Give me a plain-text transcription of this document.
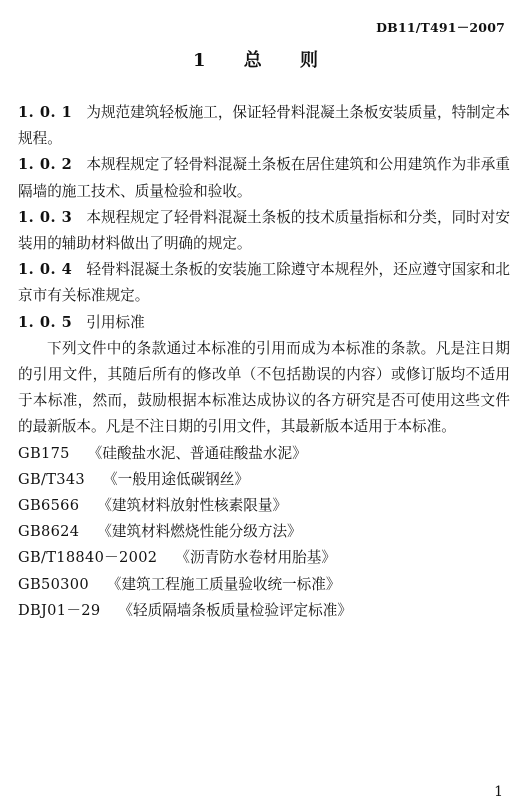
DB11/T491－2007
1 总 则

1. 0. 1 为规范建筑轻板施工，保证轻骨料混凝土条板安装质量，特制定本规程。

1. 0. 2 本规程规定了轻骨料混凝土条板在居住建筑和公用建筑作为非承重隔墙的施工技术、质量检验和验收。

1. 0. 3 本规程规定了轻骨料混凝土条板的技术质量指标和分类，同时对安装用的辅助材料做出了明确的规定。

1. 0. 4 轻骨料混凝土条板的安装施工除遵守本规程外，还应遵守国家和北京市有关标准规定。

1. 0. 5 引用标准

下列文件中的条款通过本标准的引用而成为本标准的条款。凡是注日期的引用文件，其随后所有的修改单（不包括勘误的内容）或修订版均不适用于本标准，然而，鼓励根据本标准达成协议的各方研究是否可使用这些文件的最新版本。凡是不注日期的引用文件，其最新版本适用于本标准。

GB175 《硅酸盐水泥、普通硅酸盐水泥》

GB/T343 《一般用途低碳钢丝》

GB6566 《建筑材料放射性核素限量》

GB8624 《建筑材料燃烧性能分级方法》

GB/T18840－2002 《沥青防水卷材用胎基》

GB50300 《建筑工程施工质量验收统一标准》

DBJ01－29 《轻质隔墙条板质量检验评定标准》

1
